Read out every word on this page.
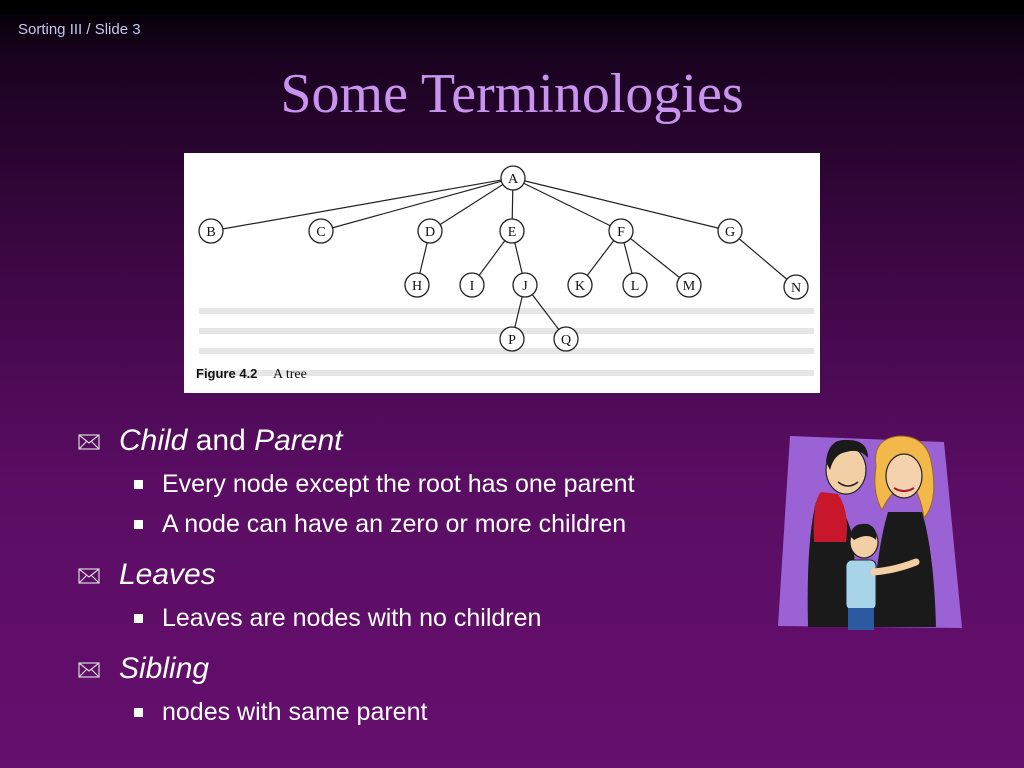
Sorting III / Slide 3
Some Terminologies
A
B	C	D	E	F	G
H	I	J	K	L	M	N
P	Q
Figure 4.2 A tree
Child and Parent
Every node except the root has one parent
A node can have an zero or more children
Leaves
Leaves are nodes with no children
Sibling
nodes with same parent
